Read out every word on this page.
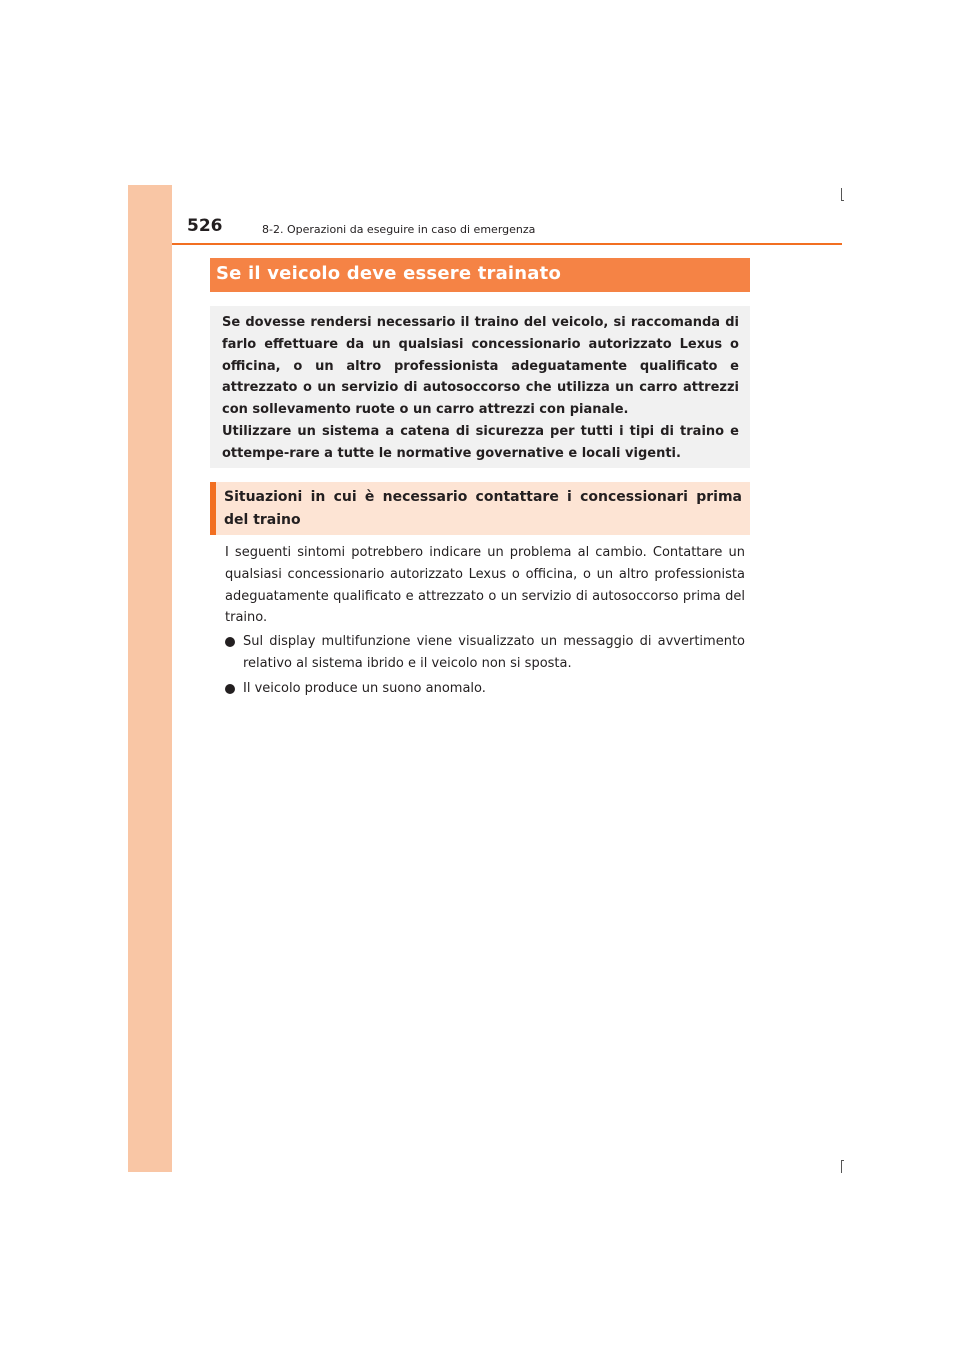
526	8-2. Operazioni da eseguire in caso di emergenza
Se il veicolo deve essere trainato

Se dovesse rendersi necessario il traino del veicolo, si raccomanda di farlo effettuare da un qualsiasi concessionario autorizzato Lexus o officina, o un altro professionista adeguatamente qualificato e attrezzato o un servizio di autosoccorso che utilizza un carro attrezzi con sollevamento ruote o un carro attrezzi con pianale.

Utilizzare un sistema a catena di sicurezza per tutti i tipi di traino e ottempe-rare a tutte le normative governative e locali vigenti.

Situazioni in cui è necessario contattare i concessionari prima del traino
I seguenti sintomi potrebbero indicare un problema al cambio. Contattare un qualsiasi concessionario autorizzato Lexus o officina, o un altro professionista adeguatamente qualificato e attrezzato o un servizio di autosoccorso prima del traino.
Sul display multifunzione viene visualizzato un messaggio di avvertimento relativo al sistema ibrido e il veicolo non si sposta.
Il veicolo produce un suono anomalo.
